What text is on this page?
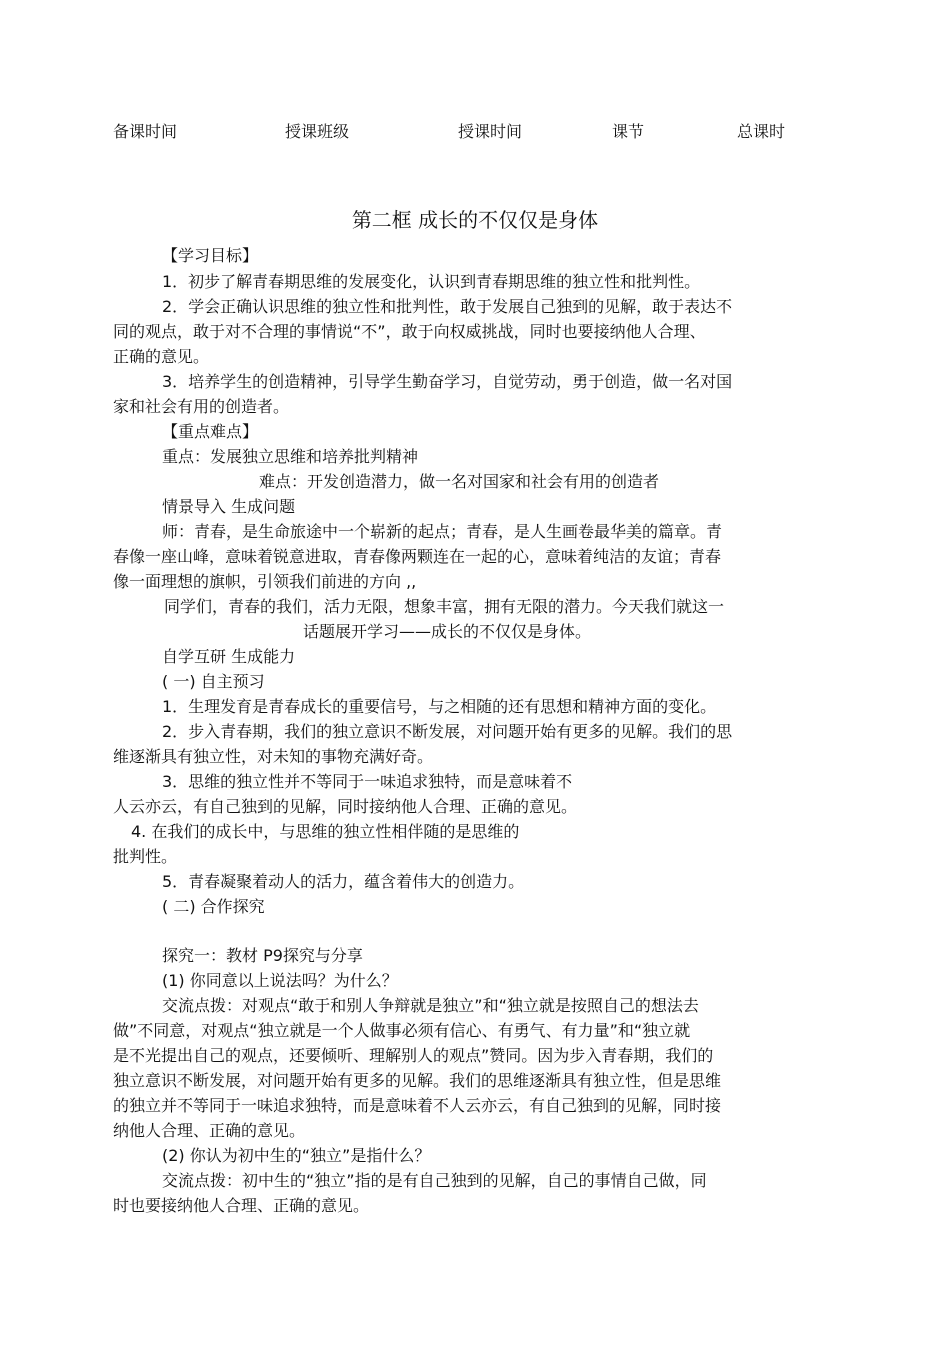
备课时间	授课班级	授课时间	课节	总课时
第二框 成长的不仅仅是身体
【学习目标】
1．初步了解青春期思维的发展变化，认识到青春期思维的独立性和批判性。
2．学会正确认识思维的独立性和批判性，敢于发展自己独到的见解，敢于表达不
同的观点，敢于对不合理的事情说“不”，敢于向权威挑战，同时也要接纳他人合理、
正确的意见。
3．培养学生的创造精神，引导学生勤奋学习，自觉劳动，勇于创造，做一名对国
家和社会有用的创造者。
【重点难点】
重点：发展独立思维和培养批判精神
难点：开发创造潜力，做一名对国家和社会有用的创造者
情景导入 生成问题
师：青春，是生命旅途中一个崭新的起点；青春，是人生画卷最华美的篇章。青
春像一座山峰，意味着锐意进取，青春像两颗连在一起的心，意味着纯洁的友谊；青春
像一面理想的旗帜，引领我们前进的方向 ,,
同学们，青春的我们，活力无限，想象丰富，拥有无限的潜力。今天我们就这一
话题展开学习——成长的不仅仅是身体。
自学互研 生成能力
( 一) 自主预习
1．生理发育是青春成长的重要信号，与之相随的还有思想和精神方面的变化。
2．步入青春期，我们的独立意识不断发展，对问题开始有更多的见解。我们的思
维逐渐具有独立性，对未知的事物充满好奇。
3．思维的独立性并不等同于一味追求独特，而是意味着不
人云亦云，有自己独到的见解，同时接纳他人合理、正确的意见。
4. 在我们的成长中，与思维的独立性相伴随的是思维的
批判性。
5．青春凝聚着动人的活力，蕴含着伟大的创造力。
( 二) 合作探究
探究一：教材 P9探究与分享
(1) 你同意以上说法吗？为什么？
交流点拨：对观点“敢于和别人争辩就是独立”和“独立就是按照自己的想法去
做”不同意，对观点“独立就是一个人做事必须有信心、有勇气、有力量”和“独立就
是不光提出自己的观点，还要倾听、理解别人的观点”赞同。因为步入青春期，我们的
独立意识不断发展，对问题开始有更多的见解。我们的思维逐渐具有独立性，但是思维
的独立并不等同于一味追求独特，而是意味着不人云亦云，有自己独到的见解，同时接
纳他人合理、正确的意见。
(2) 你认为初中生的“独立”是指什么？
交流点拨：初中生的“独立”指的是有自己独到的见解，自己的事情自己做，同
时也要接纳他人合理、正确的意见。
